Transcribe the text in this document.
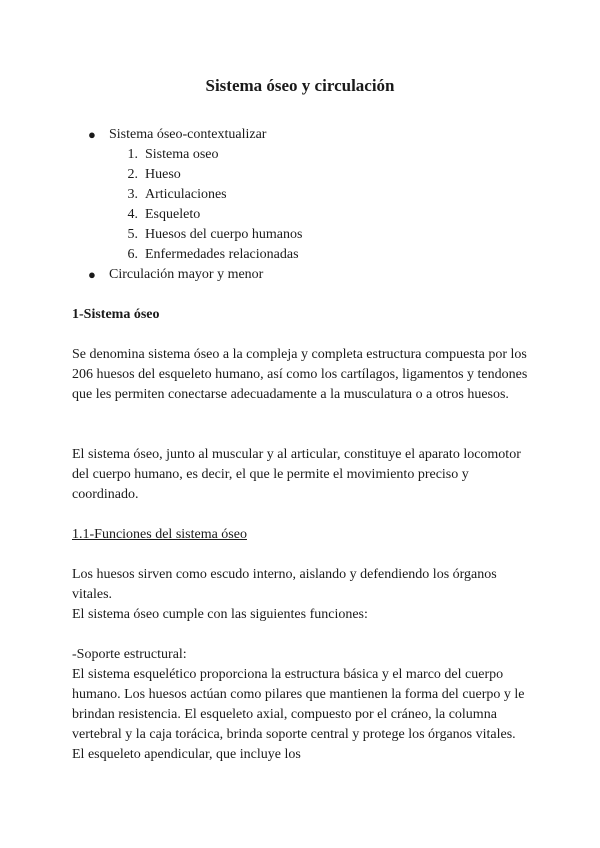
Sistema óseo y circulación
● Sistema óseo-contextualizar
1. Sistema oseo
2. Hueso
3. Articulaciones
4. Esqueleto
5. Huesos del cuerpo humanos
6. Enfermedades relacionadas
● Circulación mayor y menor
1-Sistema óseo

Se denomina sistema óseo a la compleja y completa estructura compuesta por los 206 huesos del esqueleto humano, así como los cartílagos, ligamentos y tendones que les permiten conectarse adecuadamente a la musculatura o a otros huesos.

El sistema óseo, junto al muscular y al articular, constituye el aparato locomotor del cuerpo humano, es decir, el que le permite el movimiento preciso y coordinado.

1.1-Funciones del sistema óseo

Los huesos sirven como escudo interno, aislando y defendiendo los órganos vitales.

El sistema óseo cumple con las siguientes funciones:

-Soporte estructural:

El sistema esquelético proporciona la estructura básica y el marco del cuerpo humano. Los huesos actúan como pilares que mantienen la forma del cuerpo y le brindan resistencia. El esqueleto axial, compuesto por el cráneo, la columna vertebral y la caja torácica, brinda soporte central y protege los órganos vitales. El esqueleto apendicular, que incluye los
